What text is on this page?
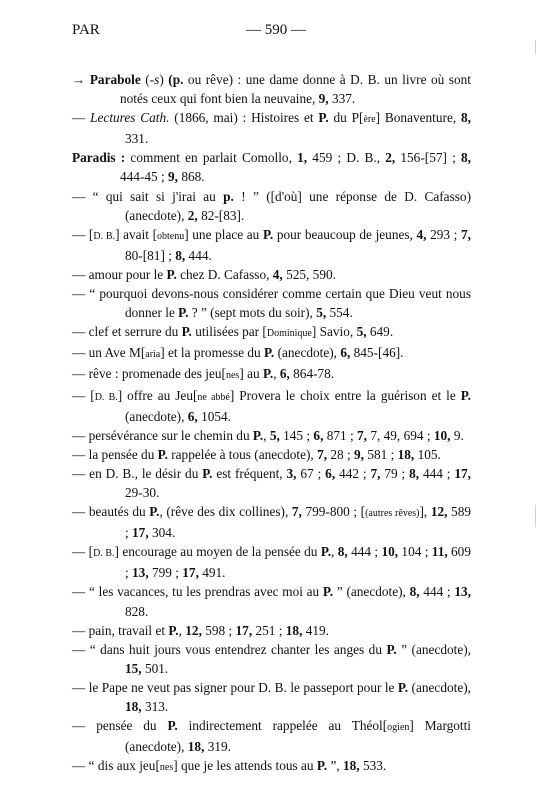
PAR	— 590 —
→ Parabole (-s) (p. ou rêve) : une dame donne à D. B. un livre où sont notés ceux qui font bien la neuvaine, 9, 337.
— Lectures Cath. (1866, mai) : Histoires et P. du P[ère] Bonaventure, 8, 331.
Paradis : comment en parlait Comollo, 1, 459 ; D. B., 2, 156-[57] ; 8, 444-45 ; 9, 868.
— “ qui sait si j'irai au p. ! ” ([d'où] une réponse de D. Cafasso) (anecdote), 2, 82-[83].
— [D. B.] avait [obtenu] une place au P. pour beaucoup de jeunes, 4, 293 ; 7, 80-[81] ; 8, 444.
— amour pour le P. chez D. Cafasso, 4, 525, 590.
— “ pourquoi devons-nous considérer comme certain que Dieu veut nous donner le P. ? ” (sept mots du soir), 5, 554.
— clef et serrure du P. utilisées par [Dominique] Savio, 5, 649.
— un Ave M[aria] et la promesse du P. (anecdote), 6, 845-[46].
— rêve : promenade des jeu[nes] au P., 6, 864-78.
— [D. B.] offre au Jeu[ne abbé] Provera le choix entre la guérison et le P. (anecdote), 6, 1054.
— persévérance sur le chemin du P., 5, 145 ; 6, 871 ; 7, 7, 49, 694 ; 10, 9.
— la pensée du P. rappelée à tous (anecdote), 7, 28 ; 9, 581 ; 18, 105.
— en D. B., le désir du P. est fréquent, 3, 67 ; 6, 442 ; 7, 79 ; 8, 444 ; 17, 29-30.
— beautés du P., (rêve des dix collines), 7, 799-800 ; [(autres rêves)], 12, 589 ; 17, 304.
— [D. B.] encourage au moyen de la pensée du P., 8, 444 ; 10, 104 ; 11, 609 ; 13, 799 ; 17, 491.
— “ les vacances, tu les prendras avec moi au P. ” (anecdote), 8, 444 ; 13, 828.
— pain, travail et P., 12, 598 ; 17, 251 ; 18, 419.
— “ dans huit jours vous entendrez chanter les anges du P. ” (anecdote), 15, 501.
— le Pape ne veut pas signer pour D. B. le passeport pour le P. (anecdote), 18, 313.
— pensée du P. indirectement rappelée au Théol[ogien] Margotti (anecdote), 18, 319.
— “ dis aux jeu[nes] que je les attends tous au P. ”, 18, 533.
